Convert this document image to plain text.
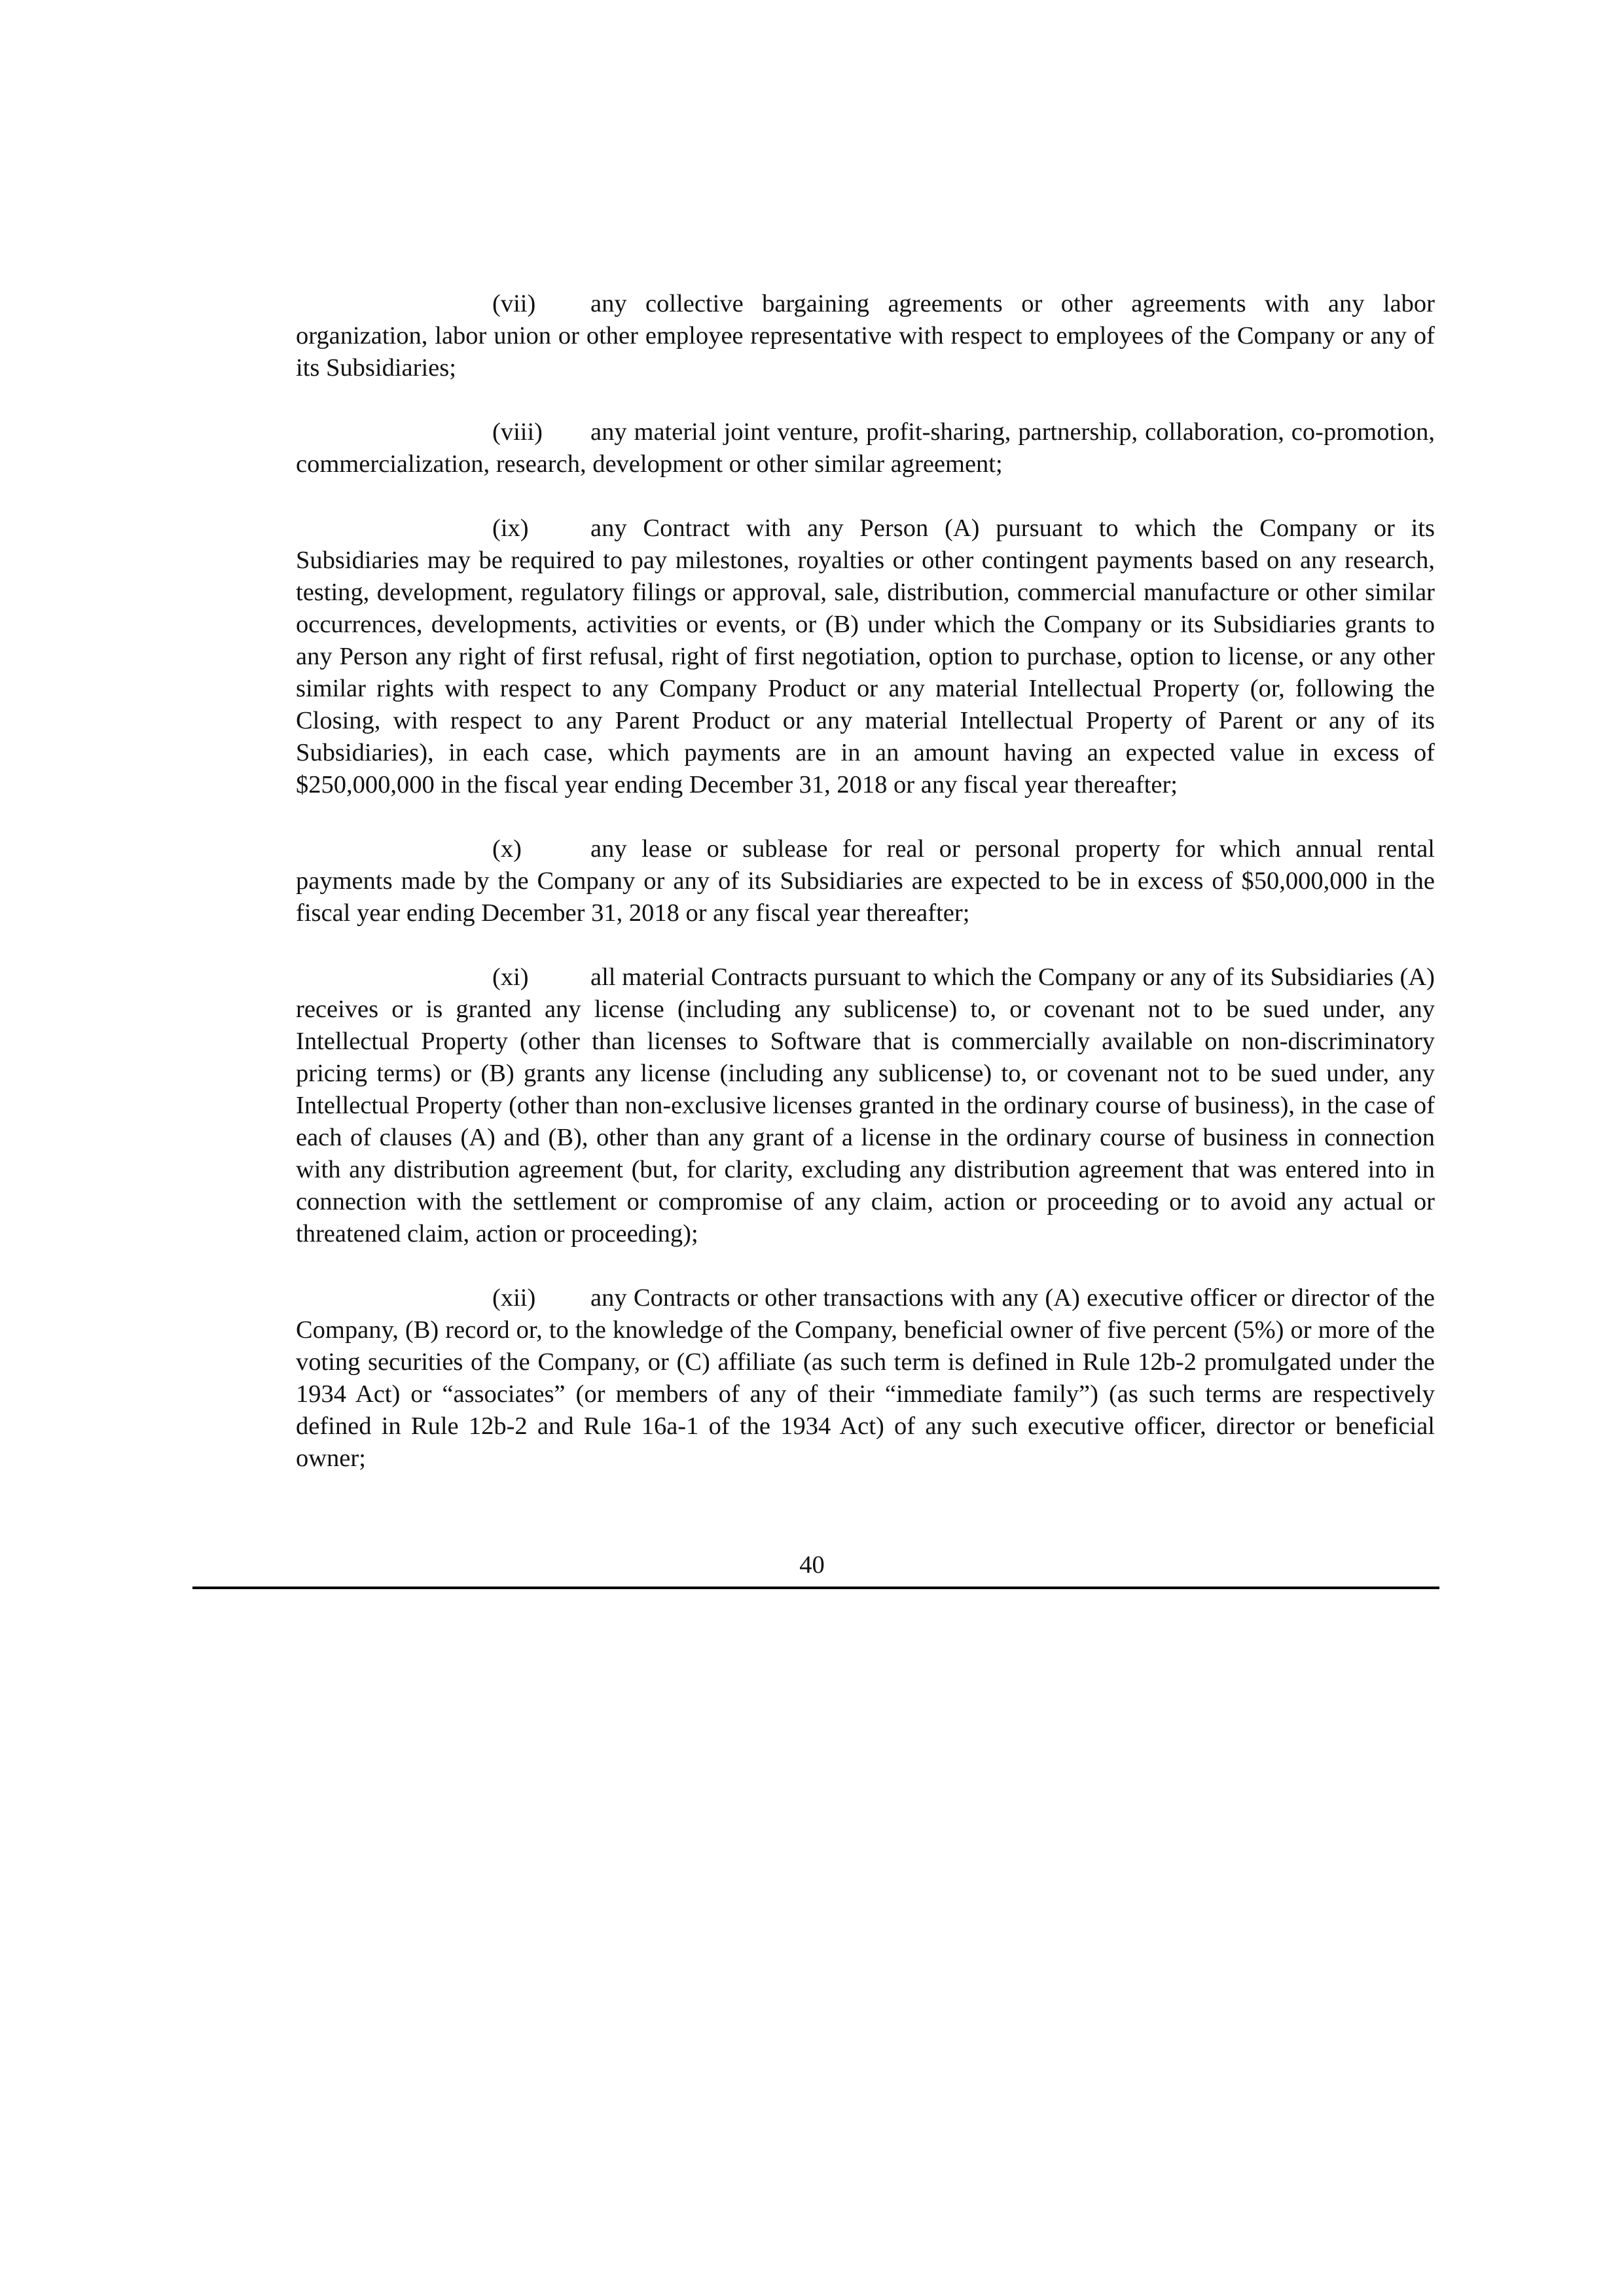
(vii) any collective bargaining agreements or other agreements with any labor organization, labor union or other employee representative with respect to employees of the Company or any of its Subsidiaries;

(viii) any material joint venture, profit-sharing, partnership, collaboration, co-promotion, commercialization, research, development or other similar agreement;

(ix) any Contract with any Person (A) pursuant to which the Company or its Subsidiaries may be required to pay milestones, royalties or other contingent payments based on any research, testing, development, regulatory filings or approval, sale, distribution, commercial manufacture or other similar occurrences, developments, activities or events, or (B) under which the Company or its Subsidiaries grants to any Person any right of first refusal, right of first negotiation, option to purchase, option to license, or any other similar rights with respect to any Company Product or any material Intellectual Property (or, following the Closing, with respect to any Parent Product or any material Intellectual Property of Parent or any of its Subsidiaries), in each case, which payments are in an amount having an expected value in excess of $250,000,000 in the fiscal year ending December 31, 2018 or any fiscal year thereafter;

(x)	any lease or sublease for real or personal property for which annual rental payments made by the Company or any of its Subsidiaries are expected to be in excess of $50,000,000 in the fiscal year ending December 31, 2018 or any fiscal year thereafter;

(xi) all material Contracts pursuant to which the Company or any of its Subsidiaries (A) receives or is granted any license (including any sublicense) to, or covenant not to be sued under, any Intellectual Property (other than licenses to Software that is commercially available on non-discriminatory pricing terms) or (B) grants any license (including any sublicense) to, or covenant not to be sued under, any Intellectual Property (other than non-exclusive licenses granted in the ordinary course of business), in the case of each of clauses (A) and (B), other than any grant of a license in the ordinary course of business in connection with any distribution agreement (but, for clarity, excluding any distribution agreement that was entered into in connection with the settlement or compromise of any claim, action or proceeding or to avoid any actual or threatened claim, action or proceeding);

(xii) any Contracts or other transactions with any (A) executive officer or director of the Company, (B) record or, to the knowledge of the Company, beneficial owner of five percent (5%) or more of the voting securities of the Company, or (C) affiliate (as such term is defined in Rule 12b-2 promulgated under the 1934 Act) or “associates” (or members of any of their “immediate family”) (as such terms are respectively defined in Rule 12b-2 and Rule 16a-1 of the 1934 Act) of any such executive officer, director or beneficial owner;

40
